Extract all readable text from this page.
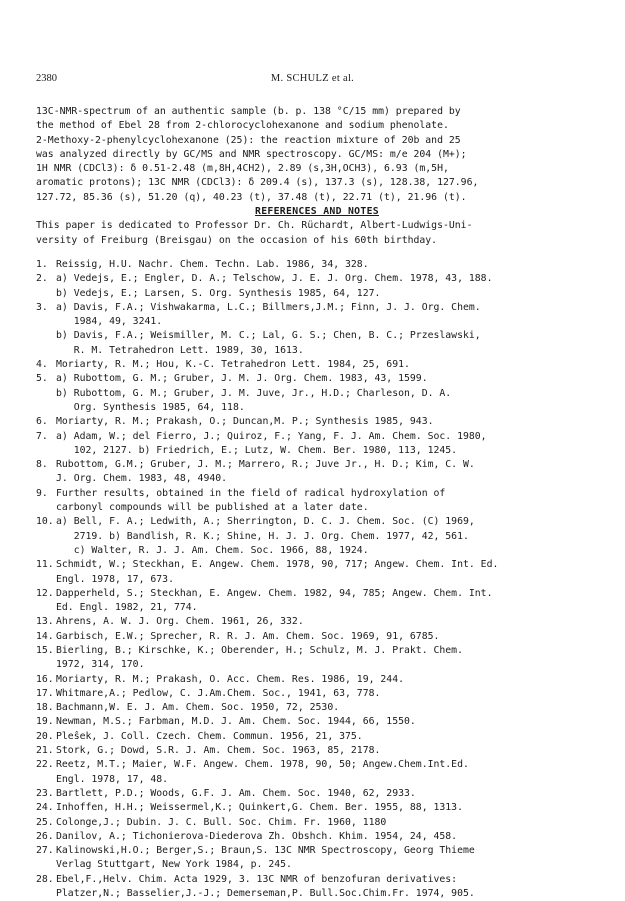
2380	M. SCHULZ et al.
13C-NMR-spectrum of an authentic sample (b. p. 138 °C/15 mm) prepared by
the method of Ebel 28 from 2-chlorocyclohexanone and sodium phenolate.
2-Methoxy-2-phenylcyclohexanone (25): the reaction mixture of 20b and 25
was analyzed directly by GC/MS and NMR spectroscopy. GC/MS: m/e 204 (M+);
1H NMR (CDCl3): δ 0.51-2.48 (m,8H,4CH2), 2.89 (s,3H,OCH3), 6.93 (m,5H,
aromatic protons); 13C NMR (CDCl3): δ 209.4 (s), 137.3 (s), 128.38, 127.96,
127.72, 85.36 (s), 51.20 (q), 40.23 (t), 37.48 (t), 22.71 (t), 21.96 (t).
REFERENCES AND NOTES
This paper is dedicated to Professor Dr. Ch. Rüchardt, Albert-Ludwigs-Uni-
versity of Freiburg (Breisgau) on the occasion of his 60th birthday.
1. Reissig, H.U. Nachr. Chem. Techn. Lab. 1986, 34, 328.
2. a) Vedejs, E.; Engler, D. A.; Telschow, J. E. J. Org. Chem. 1978, 43, 188.
b) Vedejs, E.; Larsen, S. Org. Synthesis 1985, 64, 127.
3. a) Davis, F.A.; Vishwakarma, L.C.; Billmers,J.M.; Finn, J. J. Org. Chem.
1984, 49, 3241.
b) Davis, F.A.; Weismiller, M. C.; Lal, G. S.; Chen, B. C.; Przeslawski,
R. M. Tetrahedron Lett. 1989, 30, 1613.
4. Moriarty, R. M.; Hou, K.-C. Tetrahedron Lett. 1984, 25, 691.
5. a) Rubottom, G. M.; Gruber, J. M. J. Org. Chem. 1983, 43, 1599.
b) Rubottom, G. M.; Gruber, J. M. Juve, Jr., H.D.; Charleson, D. A.
Org. Synthesis 1985, 64, 118.
6. Moriarty, R. M.; Prakash, O.; Duncan,M. P.; Synthesis 1985, 943.
7. a) Adam, W.; del Fierro, J.; Quiroz, F.; Yang, F. J. Am. Chem. Soc. 1980,
102, 2127. b) Friedrich, E.; Lutz, W. Chem. Ber. 1980, 113, 1245.
8. Rubottom, G.M.; Gruber, J. M.; Marrero, R.; Juve Jr., H. D.; Kim, C. W.
J. Org. Chem. 1983, 48, 4940.
9. Further results, obtained in the field of radical hydroxylation of
carbonyl compounds will be published at a later date.
10. a) Bell, F. A.; Ledwith, A.; Sherrington, D. C. J. Chem. Soc. (C) 1969,
2719. b) Bandlish, R. K.; Shine, H. J. J. Org. Chem. 1977, 42, 561.
c) Walter, R. J. J. Am. Chem. Soc. 1966, 88, 1924.
11. Schmidt, W.; Steckhan, E. Angew. Chem. 1978, 90, 717; Angew. Chem. Int. Ed.
Engl. 1978, 17, 673.
12. Dapperheld, S.; Steckhan, E. Angew. Chem. 1982, 94, 785; Angew. Chem. Int.
Ed. Engl. 1982, 21, 774.
13. Ahrens, A. W. J. Org. Chem. 1961, 26, 332.
14. Garbisch, E.W.; Sprecher, R. R. J. Am. Chem. Soc. 1969, 91, 6785.
15. Bierling, B.; Kirschke, K.; Oberender, H.; Schulz, M. J. Prakt. Chem.
1972, 314, 170.
16. Moriarty, R. M.; Prakash, O. Acc. Chem. Res. 1986, 19, 244.
17. Whitmare,A.; Pedlow, C. J.Am.Chem. Soc., 1941, 63, 778.
18. Bachmann,W. E. J. Am. Chem. Soc. 1950, 72, 2530.
19. Newman, M.S.; Farbman, M.D. J. Am. Chem. Soc. 1944, 66, 1550.
20. Pleŝek, J. Coll. Czech. Chem. Commun. 1956, 21, 375.
21. Stork, G.; Dowd, S.R. J. Am. Chem. Soc. 1963, 85, 2178.
22. Reetz, M.T.; Maier, W.F. Angew. Chem. 1978, 90, 50; Angew.Chem.Int.Ed.
Engl. 1978, 17, 48.
23. Bartlett, P.D.; Woods, G.F. J. Am. Chem. Soc. 1940, 62, 2933.
24. Inhoffen, H.H.; Weissermel,K.; Quinkert,G. Chem. Ber. 1955, 88, 1313.
25. Colonge,J.; Dubin. J. C. Bull. Soc. Chim. Fr. 1960, 1180
26. Danilov, A.; Tichonierova-Diederova Zh. Obshch. Khim. 1954, 24, 458.
27. Kalinowski,H.O.; Berger,S.; Braun,S. 13C NMR Spectroscopy, Georg Thieme
Verlag Stuttgart, New York 1984, p. 245.
28. Ebel,F.,Helv. Chim. Acta 1929, 3. 13C NMR of benzofuran derivatives:
Platzer,N.; Basselier,J.-J.; Demerseman,P. Bull.Soc.Chim.Fr. 1974, 905.
